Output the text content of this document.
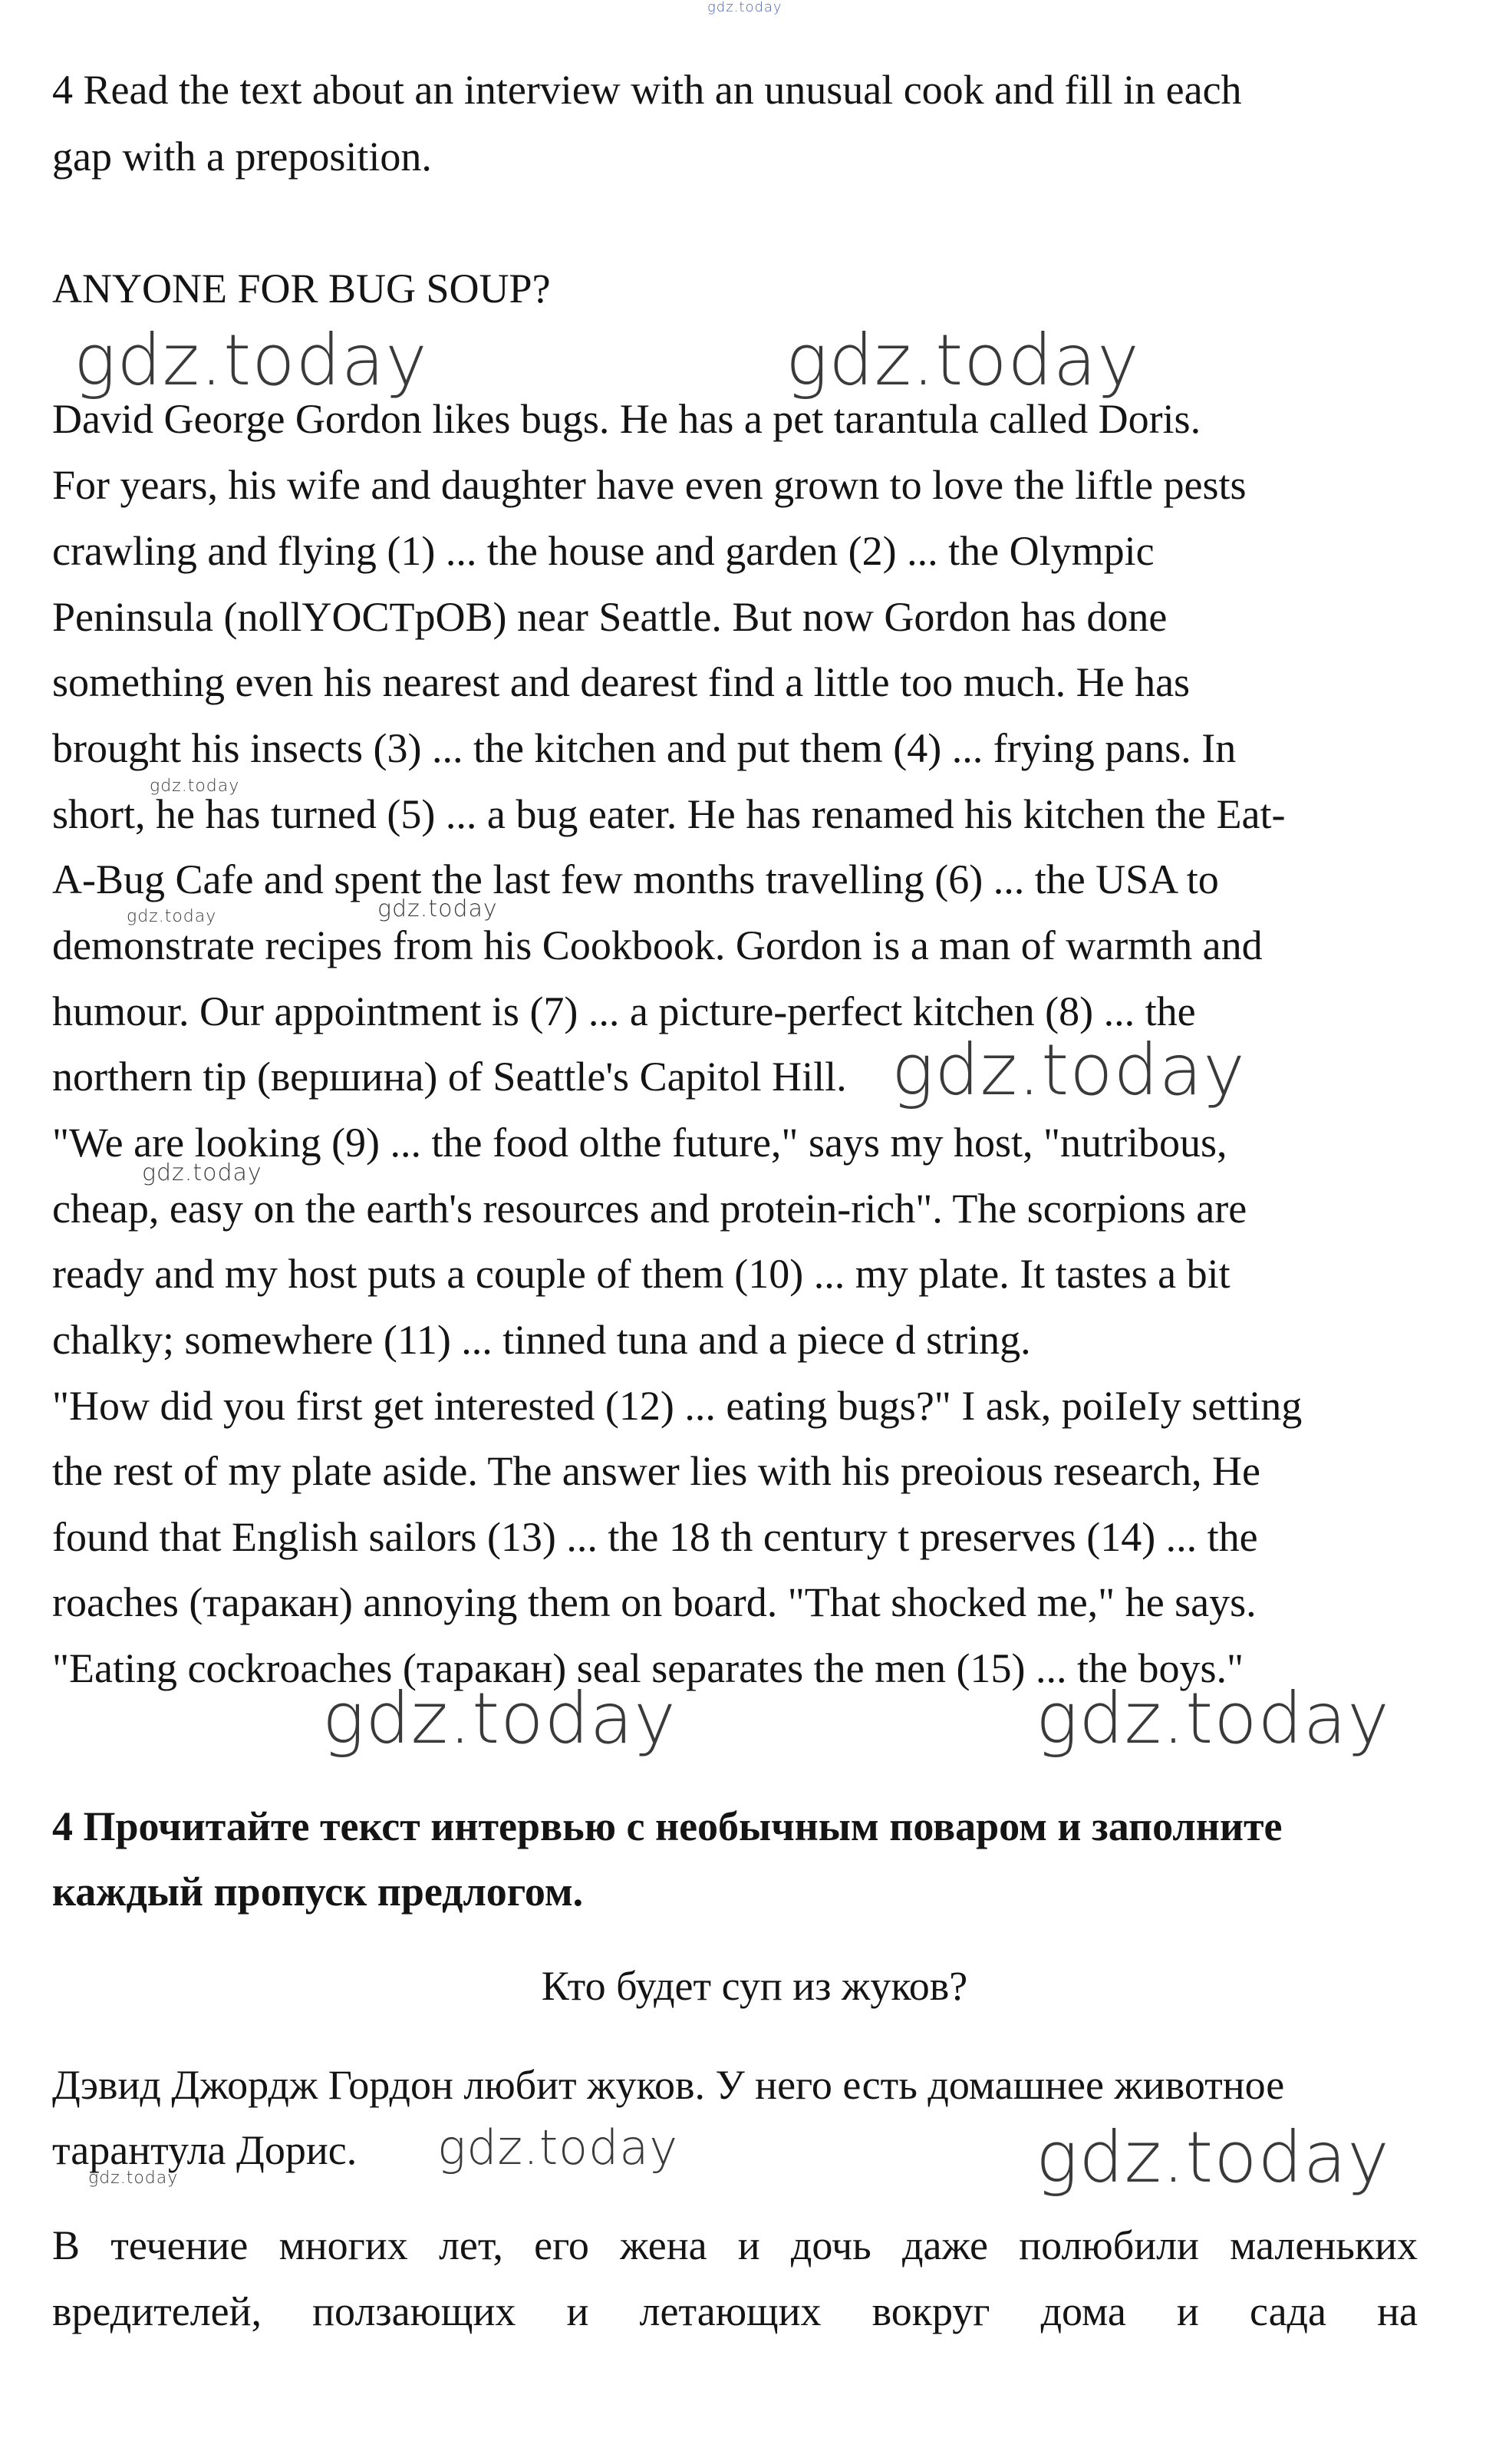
gdz.today

4 Read the text about an interview with an unusual cook and fill in each

gap with a preposition.

ANYONE FOR BUG SOUP?

gdz.today	gdz.today

David George Gordon likes bugs. He has a pet tarantula called Doris.

For years, his wife and daughter have even grown to love the liftle pests

crawling and flying (1) ... the house and garden (2) ... the Olympic

Peninsula (nollYOCTpOB) near Seattle. But now Gordon has done

something even his nearest and dearest find a little too much. He has

brought his insects (3) ... the kitchen and put them (4) ... frying pans. In

gdz.today

short, he has turned (5) ... a bug eater. He has renamed his kitchen the Eat-

A-Bug Cafe and spent the last few months travelling (6) ... the USA to

gdz.today	gdz.today

demonstrate recipes from his Cookbook. Gordon is a man of warmth and

humour. Our appointment is (7) ... a picture-perfect kitchen (8) ... the

northern tip (вершина) of Seattle's Capitol Hill. gdz.today

"We are looking (9) ... the food olthe future," says my host, "nutribous,

gdz.today

cheap, easy on the earth's resources and protein-rich". The scorpions are

ready and my host puts a couple of them (10) ... my plate. It tastes a bit

chalky; somewhere (11) ... tinned tuna and a piece d string.

"How did you first get interested (12) ... eating bugs?" I ask, poiIeIy setting

the rest of my plate aside. The answer lies with his preoious research, He

found that English sailors (13) ... the 18 th century t preserves (14) ... the

roaches (таракан) annoying them on board. "That shocked me," he says.

"Eating cockroaches (таракан) seal separates the men (15) ... the boys."

gdz.today	gdz.today

4 Прочитайте текст интервью с необычным поваром и заполните

каждый пропуск предлогом.

Кто будет суп из жуков?

Дэвид Джордж Гордон любит жуков. У него есть домашнее животное

тарантула Дорис. gdz.today	gdz.today
gdz.today

В течение многих лет, его жена и дочь даже полюбили маленьких

вредителей, ползающих и летающих вокруг дома и сада на
